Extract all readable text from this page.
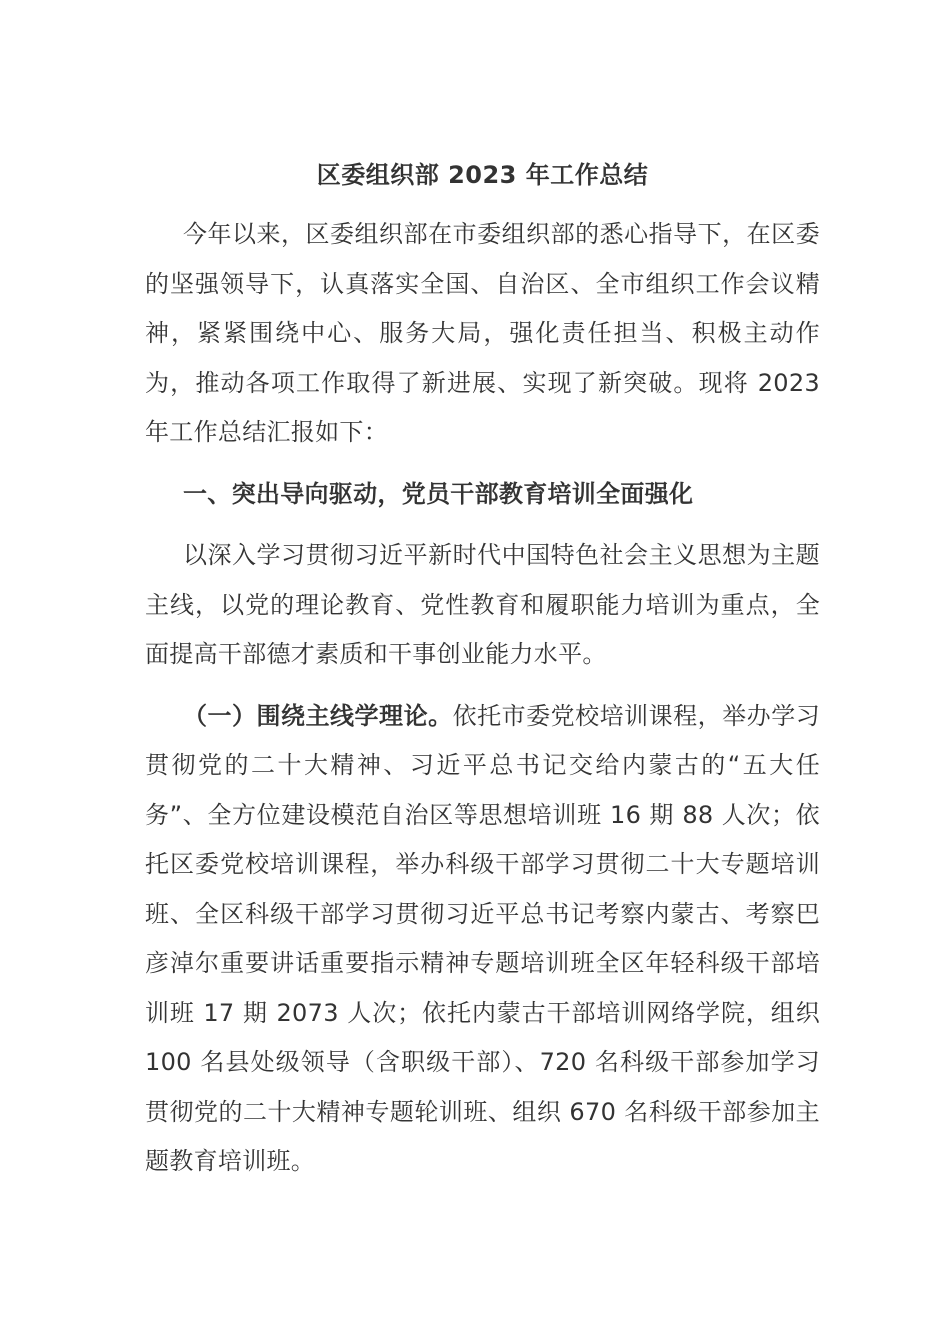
区委组织部 2023 年工作总结

今年以来，区委组织部在市委组织部的悉心指导下，在区委的坚强领导下，认真落实全国、自治区、全市组织工作会议精神，紧紧围绕中心、服务大局，强化责任担当、积极主动作为，推动各项工作取得了新进展、实现了新突破。现将 2023 年工作总结汇报如下：

一、突出导向驱动，党员干部教育培训全面强化

以深入学习贯彻习近平新时代中国特色社会主义思想为主题主线，以党的理论教育、党性教育和履职能力培训为重点，全面提高干部德才素质和干事创业能力水平。

（一）围绕主线学理论。依托市委党校培训课程，举办学习贯彻党的二十大精神、习近平总书记交给内蒙古的“五大任务”、全方位建设模范自治区等思想培训班 16 期 88 人次；依托区委党校培训课程，举办科级干部学习贯彻二十大专题培训班、全区科级干部学习贯彻习近平总书记考察内蒙古、考察巴彦淖尔重要讲话重要指示精神专题培训班全区年轻科级干部培训班 17 期 2073 人次；依托内蒙古干部培训网络学院，组织 100 名县处级领导（含职级干部）、720 名科级干部参加学习贯彻党的二十大精神专题轮训班、组织 670 名科级干部参加主题教育培训班。
